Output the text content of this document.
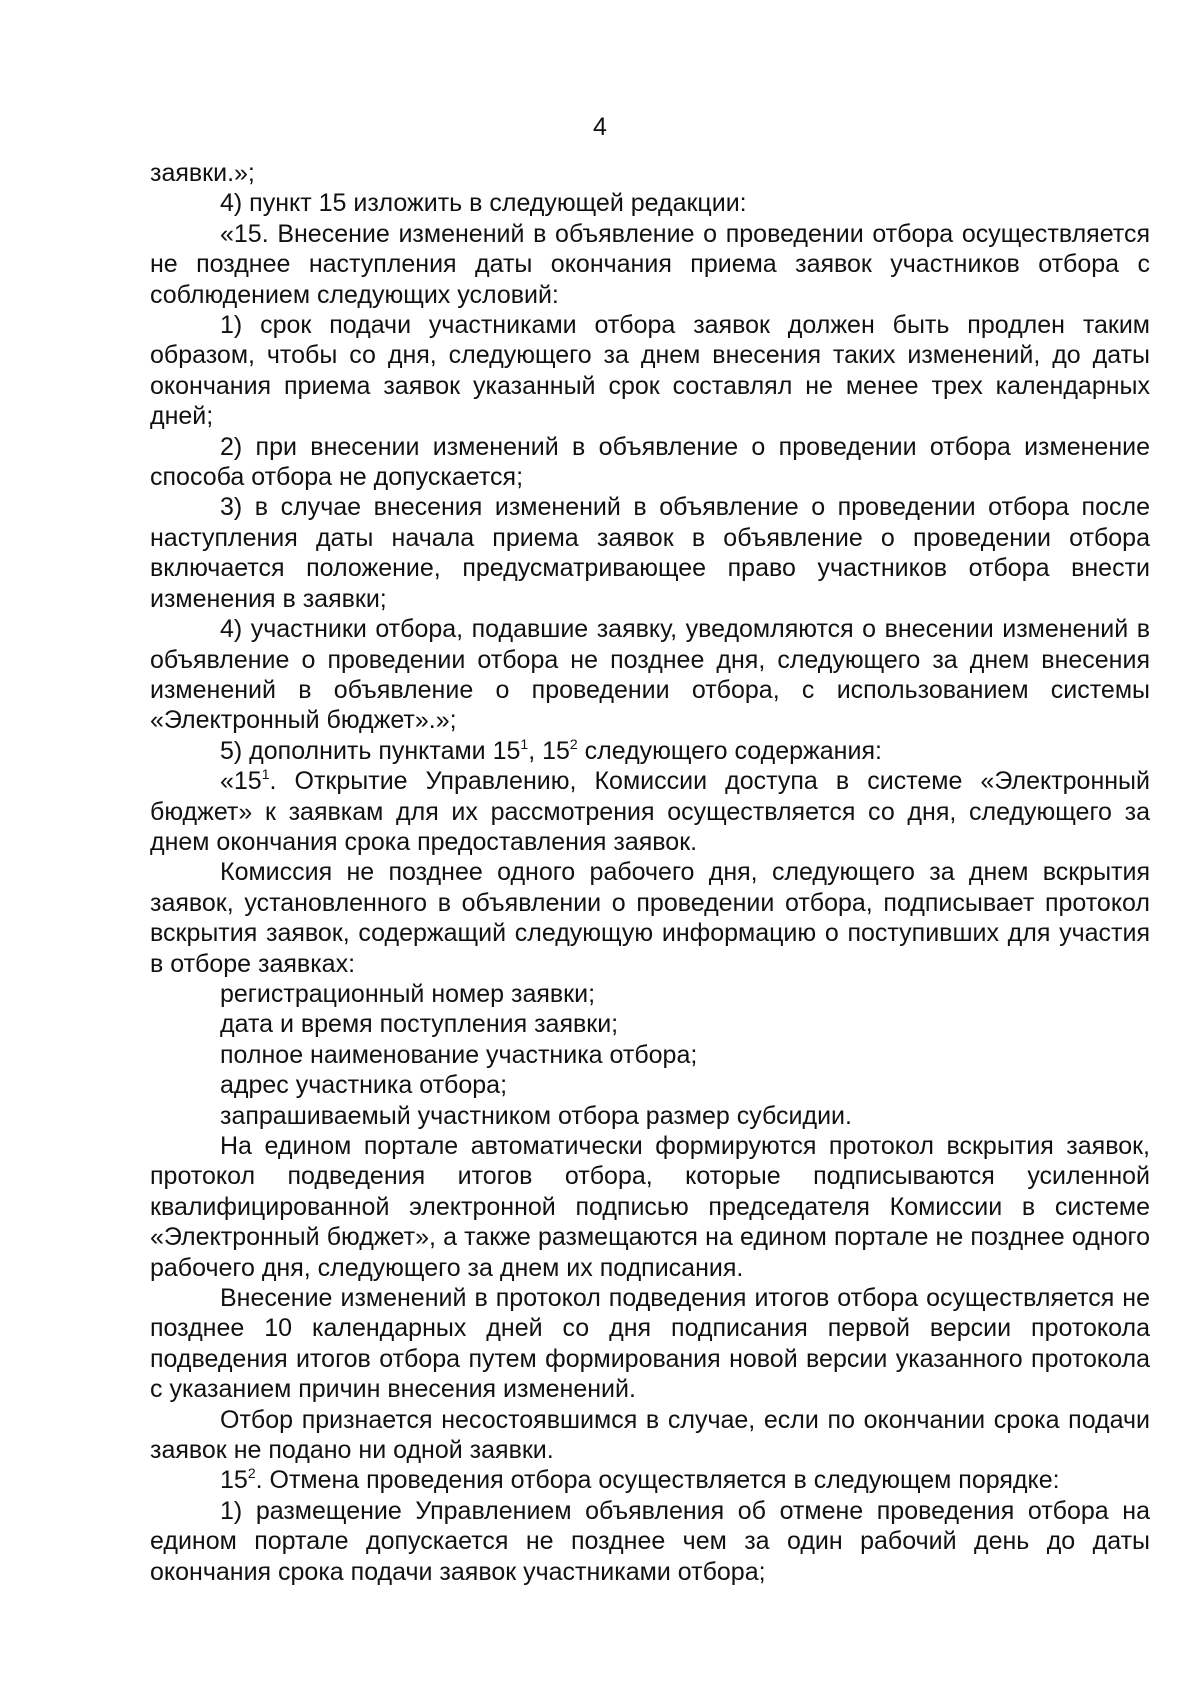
4

заявки.»;

4) пункт 15 изложить в следующей редакции:

«15. Внесение изменений в объявление о проведении отбора осуществляется не позднее наступления даты окончания приема заявок участников отбора с соблюдением следующих условий:

1) срок подачи участниками отбора заявок должен быть продлен таким образом, чтобы со дня, следующего за днем внесения таких изменений, до даты окончания приема заявок указанный срок составлял не менее трех календарных дней;

2) при внесении изменений в объявление о проведении отбора изменение способа отбора не допускается;

3) в случае внесения изменений в объявление о проведении отбора после наступления даты начала приема заявок в объявление о проведении отбора включается положение, предусматривающее право участников отбора внести изменения в заявки;

4) участники отбора, подавшие заявку, уведомляются о внесении изменений в объявление о проведении отбора не позднее дня, следующего за днем внесения изменений в объявление о проведении отбора, с использованием системы «Электронный бюджет».»;

5) дополнить пунктами $15^1$, $15^2$ следующего содержания:

«$15^1$. Открытие Управлению, Комиссии доступа в системе «Электронный бюджет» к заявкам для их рассмотрения осуществляется со дня, следующего за днем окончания срока предоставления заявок.

Комиссия не позднее одного рабочего дня, следующего за днем вскрытия заявок, установленного в объявлении о проведении отбора, подписывает протокол вскрытия заявок, содержащий следующую информацию о поступивших для участия в отборе заявках:

регистрационный номер заявки;

дата и время поступления заявки;

полное наименование участника отбора;

адрес участника отбора;

запрашиваемый участником отбора размер субсидии.

На едином портале автоматически формируются протокол вскрытия заявок, протокол подведения итогов отбора, которые подписываются усиленной квалифицированной электронной подписью председателя Комиссии в системе «Электронный бюджет», а также размещаются на едином портале не позднее одного рабочего дня, следующего за днем их подписания.

Внесение изменений в протокол подведения итогов отбора осуществляется не позднее 10 календарных дней со дня подписания первой версии протокола подведения итогов отбора путем формирования новой версии указанного протокола с указанием причин внесения изменений.

Отбор признается несостоявшимся в случае, если по окончании срока подачи заявок не подано ни одной заявки.

$15^2$. Отмена проведения отбора осуществляется в следующем порядке:

1) размещение Управлением объявления об отмене проведения отбора на едином портале допускается не позднее чем за один рабочий день до даты окончания срока подачи заявок участниками отбора;
